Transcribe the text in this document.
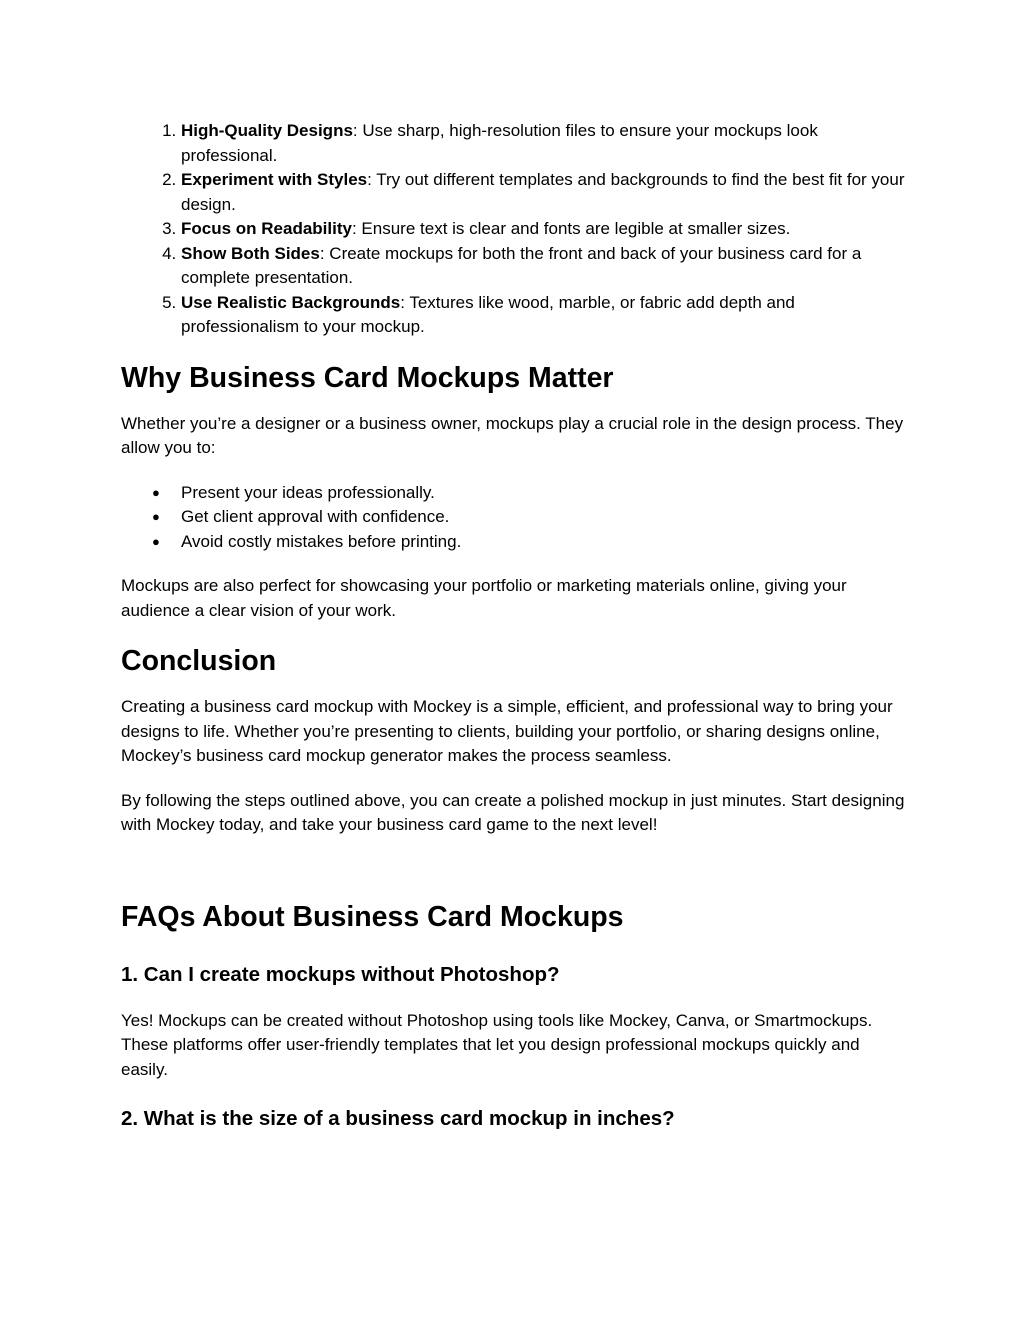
1. High-Quality Designs: Use sharp, high-resolution files to ensure your mockups look professional.
2. Experiment with Styles: Try out different templates and backgrounds to find the best fit for your design.
3. Focus on Readability: Ensure text is clear and fonts are legible at smaller sizes.
4. Show Both Sides: Create mockups for both the front and back of your business card for a complete presentation.
5. Use Realistic Backgrounds: Textures like wood, marble, or fabric add depth and professionalism to your mockup.
Why Business Card Mockups Matter

Whether you’re a designer or a business owner, mockups play a crucial role in the design process. They allow you to:

● Present your ideas professionally.
● Get client approval with confidence.
● Avoid costly mistakes before printing.

Mockups are also perfect for showcasing your portfolio or marketing materials online, giving your audience a clear vision of your work.

Conclusion

Creating a business card mockup with Mockey is a simple, efficient, and professional way to bring your designs to life. Whether you’re presenting to clients, building your portfolio, or sharing designs online, Mockey’s business card mockup generator makes the process seamless.

By following the steps outlined above, you can create a polished mockup in just minutes. Start designing with Mockey today, and take your business card game to the next level!

FAQs About Business Card Mockups
1. Can I create mockups without Photoshop?

Yes! Mockups can be created without Photoshop using tools like Mockey, Canva, or Smartmockups. These platforms offer user-friendly templates that let you design professional mockups quickly and easily.

2. What is the size of a business card mockup in inches?
